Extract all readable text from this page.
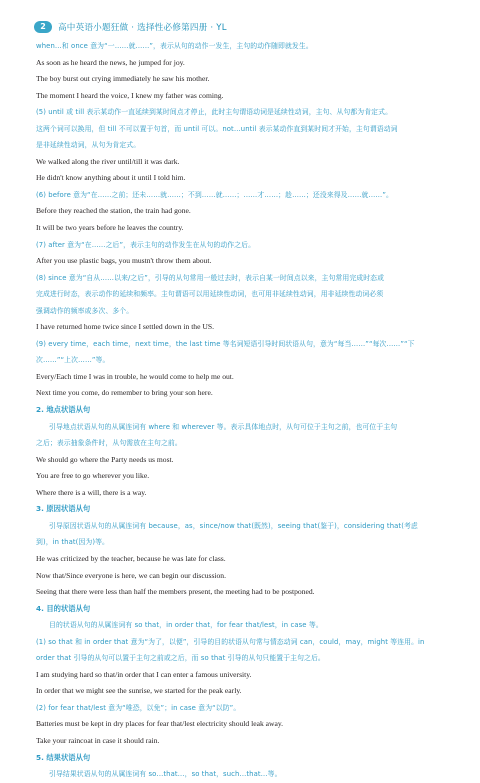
2	高中英语小题狂做 · 选择性必修第四册 · YL
when…和 once 意为“一……就……”，表示从句的动作一发生，主句的动作随即就发生。
As soon as he heard the news, he jumped for joy.
The boy burst out crying immediately he saw his mother.
The moment I heard the voice, I knew my father was coming.
(5) until 或 till 表示某动作一直延续到某时间点才停止，此时主句谓语动词是延续性动词，主句、从句都为肯定式。
这两个词可以换用，但 till 不可以置于句首，而 until 可以。not…until 表示某动作直到某时间才开始，主句谓语动词
是非延续性动词，从句为肯定式。
We walked along the river until/till it was dark.
He didn't know anything about it until I told him.
(6) before 意为“在……之前；还未……就……；不到……就……；……才……；趁……；还没来得及……就……”。
Before they reached the station, the train had gone.
It will be two years before he leaves the country.
(7) after 意为“在……之后”，表示主句的动作发生在从句的动作之后。
After you use plastic bags, you mustn't throw them about.
(8) since 意为“自从……以来/之后”，引导的从句常用一般过去时，表示自某一时间点以来，主句常用完成时态或
完成进行时态，表示动作的延续和频率。主句谓语可以用延续性动词，也可用非延续性动词，用非延续性动词必须
强调动作的频率或多次、多个。
I have returned home twice since I settled down in the US.
(9) every time，each time，next time，the last time 等名词短语引导时间状语从句，意为“每当……”“每次……”“下
次……”“上次……”等。
Every/Each time I was in trouble, he would come to help me out.
Next time you come, do remember to bring your son here.
2. 地点状语从句
引导地点状语从句的从属连词有 where 和 wherever 等。表示具体地点时，从句可位于主句之前，也可位于主句
之后；表示抽象条件时，从句需放在主句之前。
We should go where the Party needs us most.
You are free to go wherever you like.
Where there is a will, there is a way.
3. 原因状语从句
引导原因状语从句的从属连词有 because，as，since/now that(既然)，seeing that(鉴于)，considering that(考虑
到)，in that(因为)等。
He was criticized by the teacher, because he was late for class.
Now that/Since everyone is here, we can begin our discussion.
Seeing that there were less than half the members present, the meeting had to be postponed.
4. 目的状语从句
目的状语从句的从属连词有 so that，in order that，for fear that/lest，in case 等。
(1) so that 和 in order that 意为“为了，以便”，引导的目的状语从句常与情态动词 can，could，may，might 等连用。in
order that 引导的从句可以置于主句之前或之后，而 so that 引导的从句只能置于主句之后。
I am studying hard so that/in order that I can enter a famous university.
In order that we might see the sunrise, we started for the peak early.
(2) for fear that/lest 意为“唯恐，以免”；in case 意为“以防”。
Batteries must be kept in dry places for fear that/lest electricity should leak away.
Take your raincoat in case it should rain.
5. 结果状语从句
引导结果状语从句的从属连词有 so…that…，so that，such…that…等。
